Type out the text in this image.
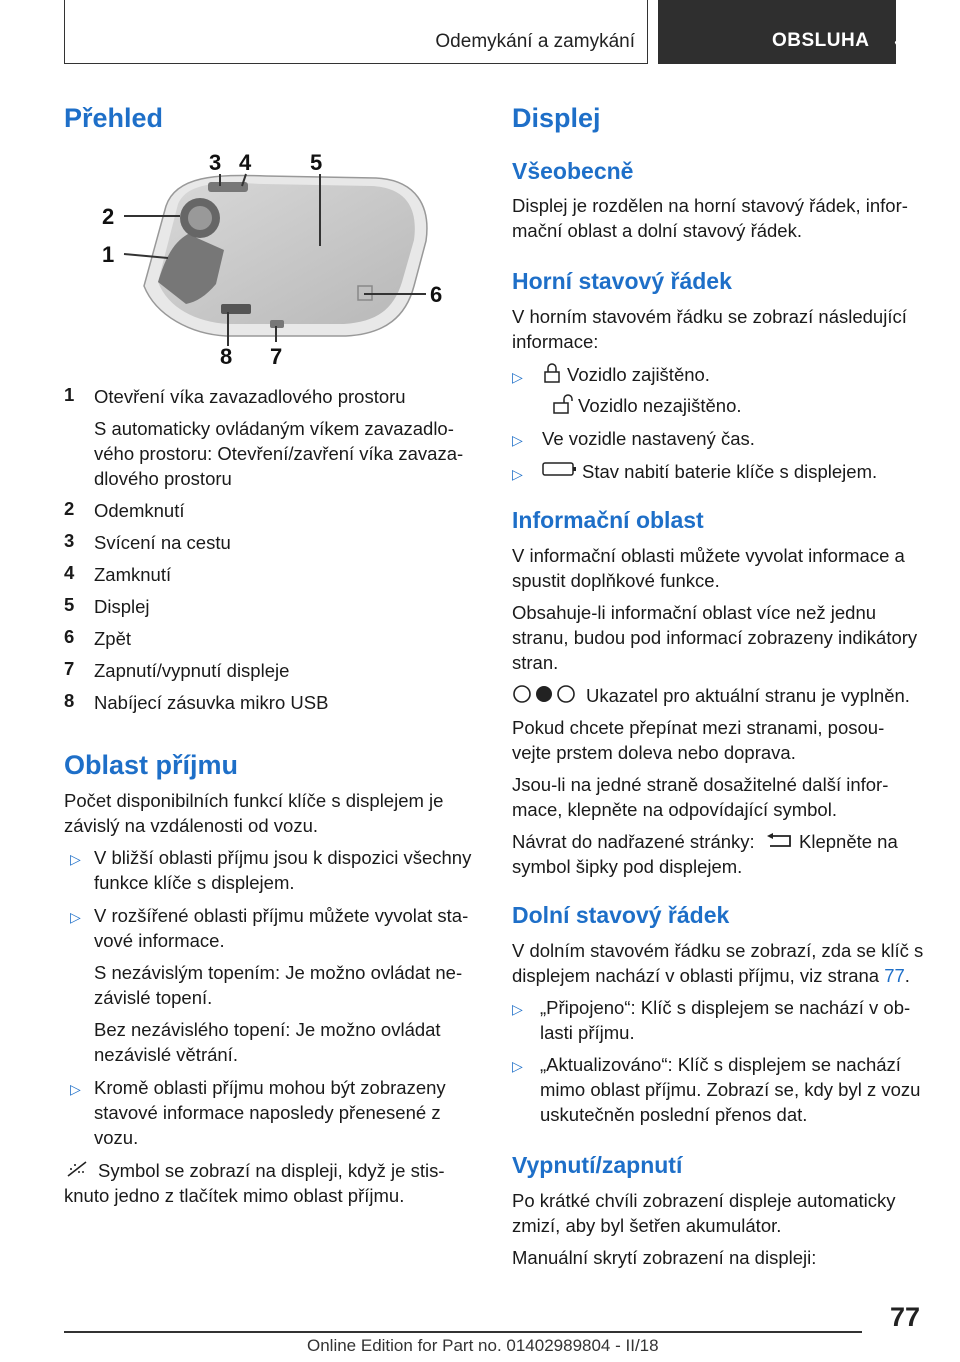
Odemykání a zamykání	OBSLUHA
Přehled
1
2
3 4	5
6
7
8
1 Otevření víka zavazadlového prostoru
S automaticky ovládaným víkem zavazadlo-
vého prostoru: Otevření/zavření víka zavaza-
dlového prostoru
2 Odemknutí
3 Svícení na cestu
4 Zamknutí
5 Displej
6 Zpět
7 Zapnutí/vypnutí displeje
8 Nabíjecí zásuvka mikro USB
Oblast příjmu
Počet disponibilních funkcí klíče s displejem je
závislý na vzdálenosti od vozu.
▷ V bližší oblasti příjmu jsou k dispozici všechny
funkce klíče s displejem.
▷ V rozšířené oblasti příjmu můžete vyvolat sta-
vové informace.
S nezávislým topením: Je možno ovládat ne-
závislé topení.
Bez nezávislého topení: Je možno ovládat
nezávislé větrání.
▷ Kromě oblasti příjmu mohou být zobrazeny
stavové informace naposledy přenesené z
vozu.
Symbol se zobrazí na displeji, když je stis-
knuto jedno z tlačítek mimo oblast příjmu.
Displej
Všeobecně
Displej je rozdělen na horní stavový řádek, infor-
mační oblast a dolní stavový řádek.
Horní stavový řádek
V horním stavovém řádku se zobrazí následující
informace:
▷ Vozidlo zajištěno.
Vozidlo nezajištěno.
▷ Ve vozidle nastavený čas.
▷	Stav nabití baterie klíče s displejem.
Informační oblast
V informační oblasti můžete vyvolat informace a
spustit doplňkové funkce.
Obsahuje-li informační oblast více než jednu
stranu, budou pod informací zobrazeny indikátory
stran.
Ukazatel pro aktuální stranu je vyplněn.
Pokud chcete přepínat mezi stranami, posou-
vejte prstem doleva nebo doprava.
Jsou-li na jedné straně dosažitelné další infor-
mace, klepněte na odpovídající symbol.
Návrat do nadřazené stránky: Klepněte na
symbol šipky pod displejem.
Dolní stavový řádek
V dolním stavovém řádku se zobrazí, zda se klíč s
displejem nachází v oblasti příjmu, viz strana 77.
▷ „Připojeno“: Klíč s displejem se nachází v ob-
lasti příjmu.
▷ „Aktualizováno“: Klíč s displejem se nachází
mimo oblast příjmu. Zobrazí se, kdy byl z vozu
uskutečněn poslední přenos dat.
Vypnutí/zapnutí
Po krátké chvíli zobrazení displeje automaticky
zmizí, aby byl šetřen akumulátor.
Manuální skrytí zobrazení na displeji:
77
Online Edition for Part no. 01402989804 - II/18
